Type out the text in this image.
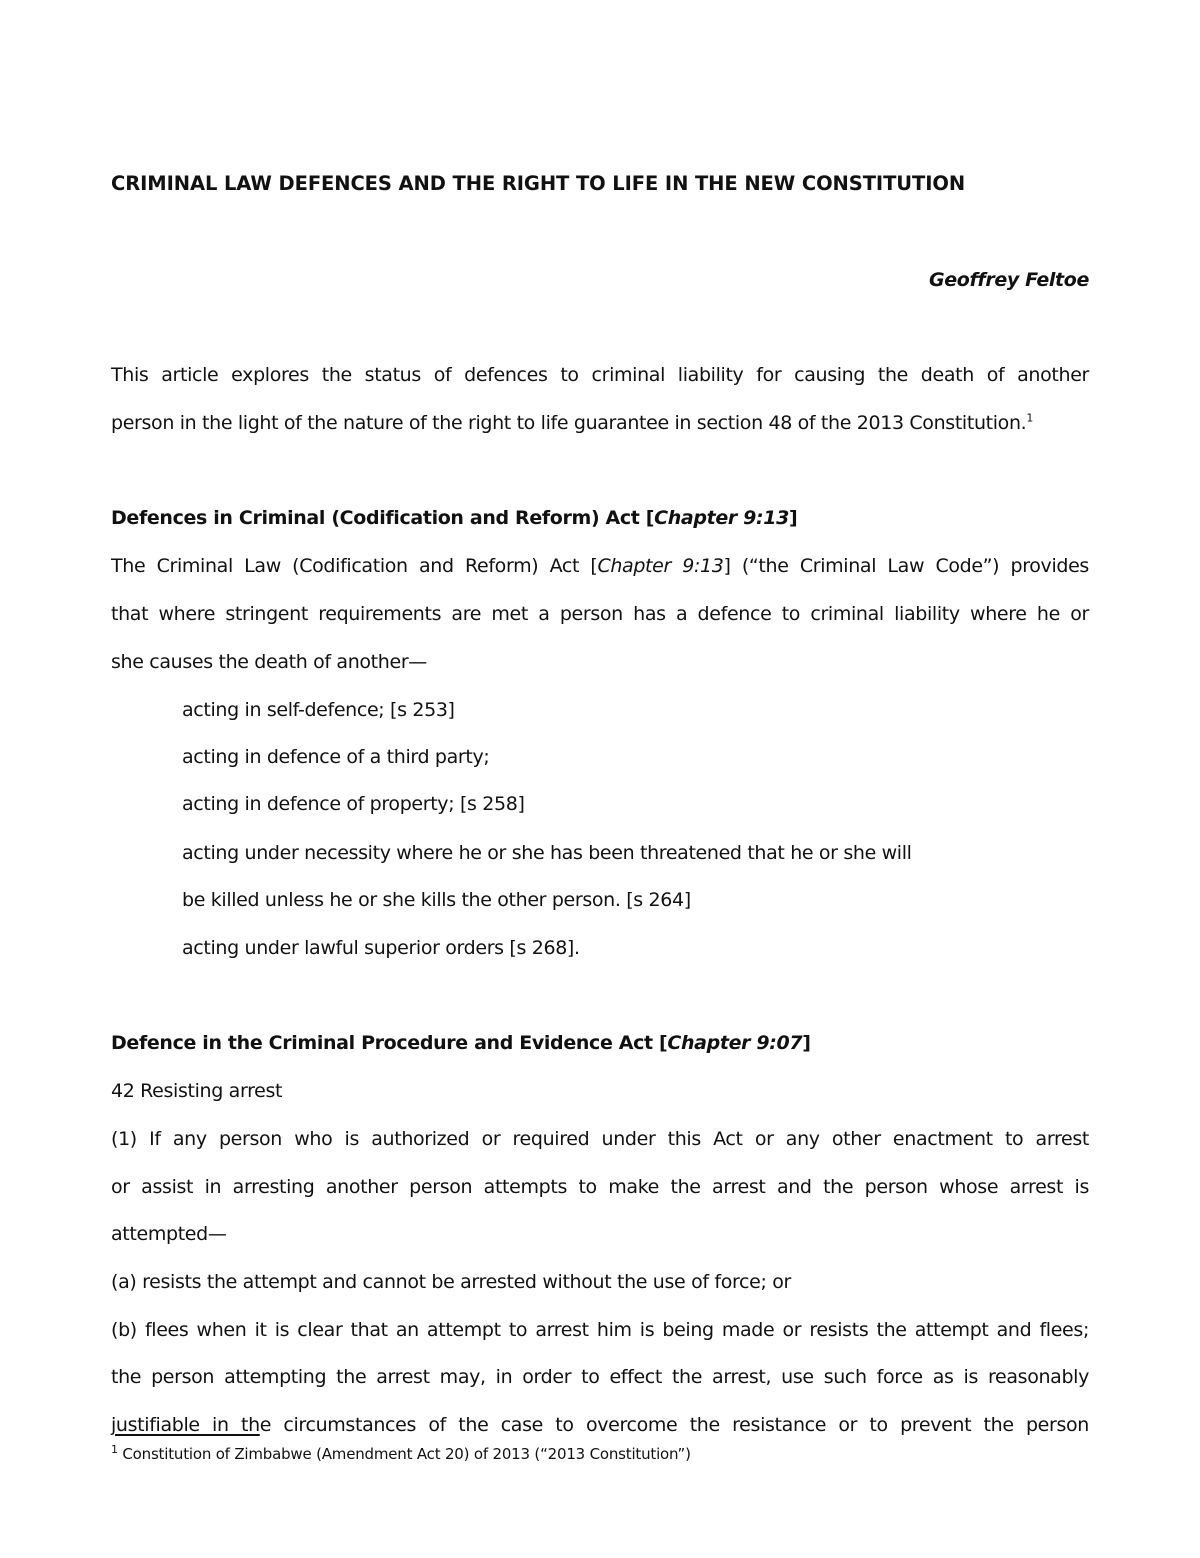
CRIMINAL LAW DEFENCES AND THE RIGHT TO LIFE IN THE NEW CONSTITUTION
Geoffrey Feltoe
This article explores the status of defences to criminal liability for causing the death of another
person in the light of the nature of the right to life guarantee in section 48 of the 2013 Constitution.$^1$
Defences in Criminal (Codification and Reform) Act [Chapter 9:13]
The Criminal Law (Codification and Reform) Act [Chapter 9:13] (“the Criminal Law Code”) provides
that where stringent requirements are met a person has a defence to criminal liability where he or
she causes the death of another—
acting in self-defence; [s 253]
acting in defence of a third party;
acting in defence of property; [s 258]
acting under necessity where he or she has been threatened that he or she will
be killed unless he or she kills the other person. [s 264]
acting under lawful superior orders [s 268].
Defence in the Criminal Procedure and Evidence Act [Chapter 9:07]
42 Resisting arrest
(1) If any person who is authorized or required under this Act or any other enactment to arrest
or assist in arresting another person attempts to make the arrest and the person whose arrest is
attempted—
(a) resists the attempt and cannot be arrested without the use of force; or
(b) flees when it is clear that an attempt to arrest him is being made or resists the attempt and flees;
the person attempting the arrest may, in order to effect the arrest, use such force as is reasonably
justifiable in the circumstances of the case to overcome the resistance or to prevent the person
$^1$ Constitution of Zimbabwe (Amendment Act 20) of 2013 (“2013 Constitution”)
